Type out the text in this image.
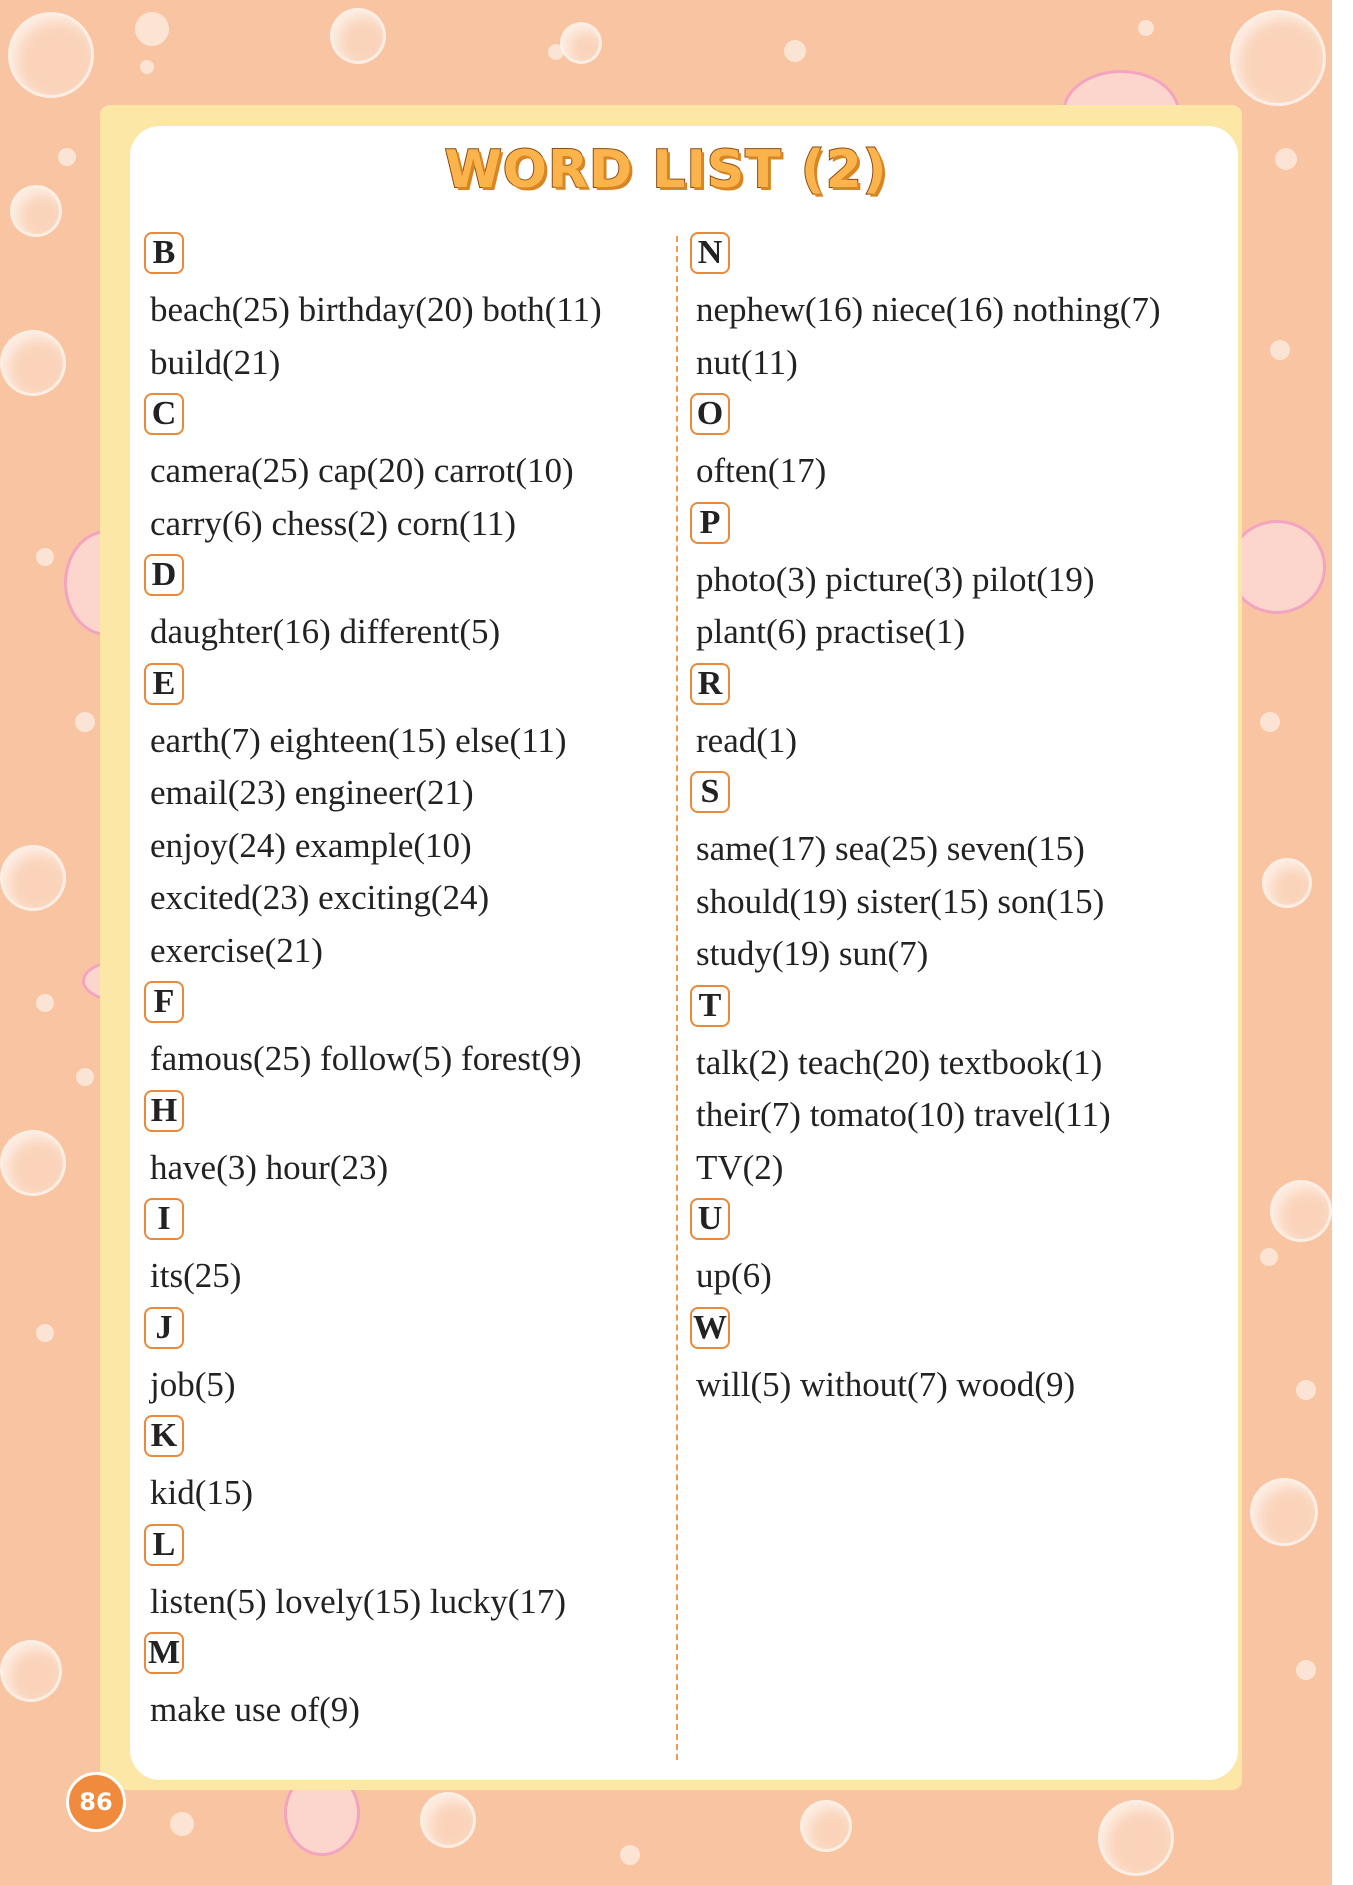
WORD LIST (2)
B
beach(25) birthday(20) both(11)
build(21)
C
camera(25) cap(20) carrot(10)
carry(6) chess(2) corn(11)
D
daughter(16) different(5)
E
earth(7) eighteen(15) else(11)
email(23) engineer(21)
enjoy(24) example(10)
excited(23) exciting(24)
exercise(21)
F
famous(25) follow(5) forest(9)
H
have(3) hour(23)
I
its(25)
J
job(5)
K
kid(15)
L
listen(5) lovely(15) lucky(17)
M
make use of(9)
N
nephew(16) niece(16) nothing(7)
nut(11)
O
often(17)
P
photo(3) picture(3) pilot(19)
plant(6) practise(1)
R
read(1)
S
same(17) sea(25) seven(15)
should(19) sister(15) son(15)
study(19) sun(7)
T
talk(2) teach(20) textbook(1)
their(7) tomato(10) travel(11)
TV(2)
U
up(6)
W
will(5) without(7) wood(9)
86
